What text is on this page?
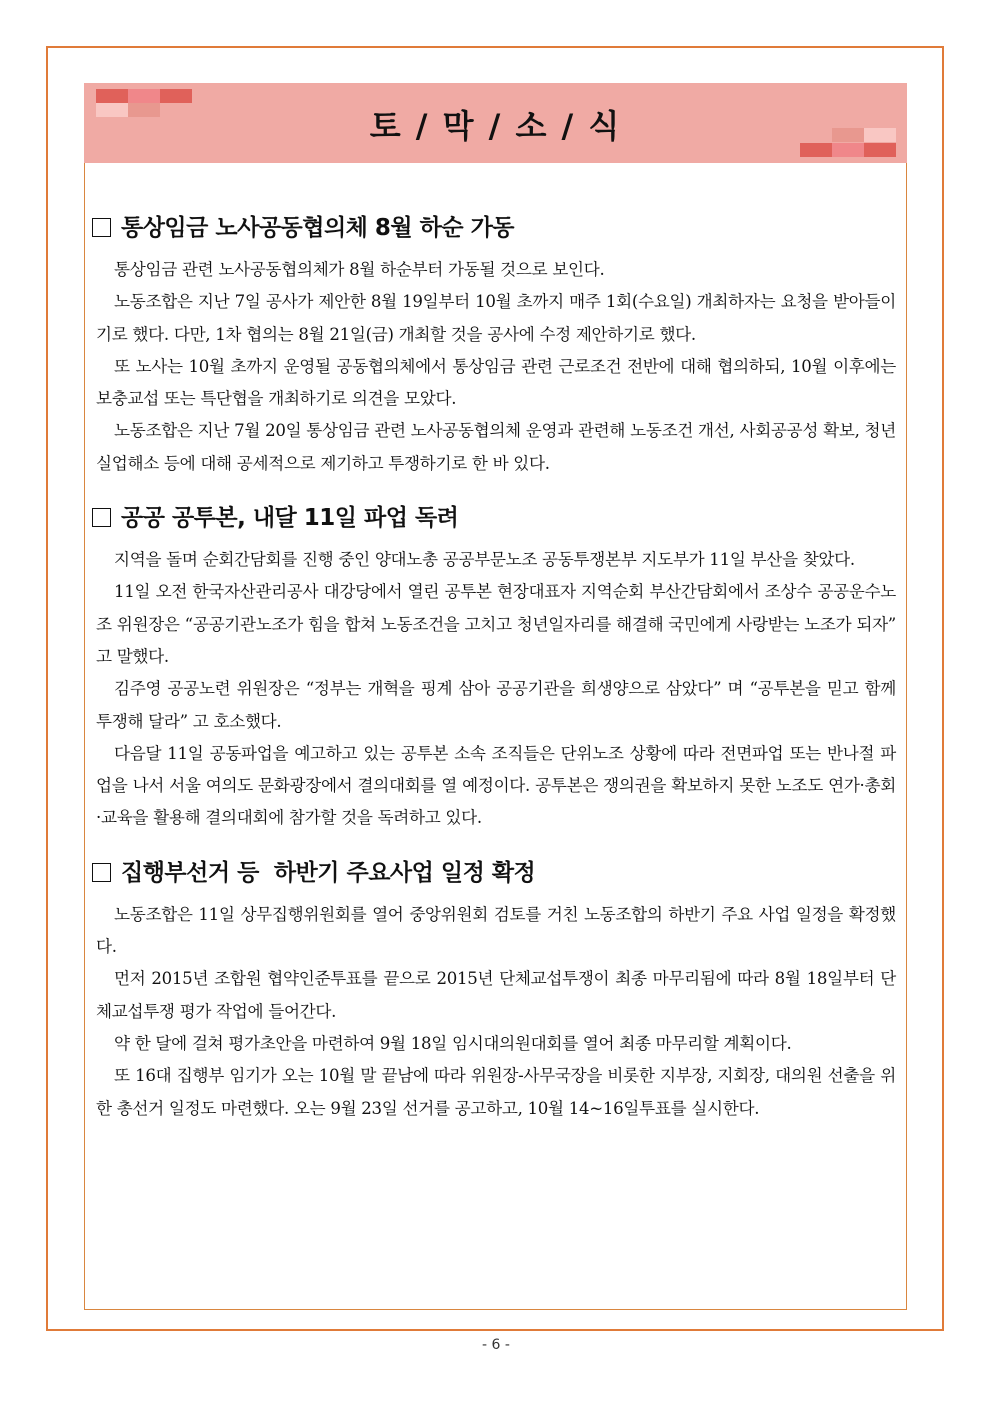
토 / 막 / 소 / 식
통상임금 노사공동협의체 8월 하순 가동

통상임금 관련 노사공동협의체가 8월 하순부터 가동될 것으로 보인다.

노동조합은 지난 7일 공사가 제안한 8월 19일부터 10월 초까지 매주 1회(수요일) 개최하자는 요청을 받아들이기로 했다. 다만, 1차 협의는 8월 21일(금) 개최할 것을 공사에 수정 제안하기로 했다.

또 노사는 10월 초까지 운영될 공동협의체에서 통상임금 관련 근로조건 전반에 대해 협의하되, 10월 이후에는 보충교섭 또는 특단협을 개최하기로 의견을 모았다.

노동조합은 지난 7월 20일 통상임금 관련 노사공동협의체 운영과 관련해 노동조건 개선, 사회공공성 확보, 청년실업해소 등에 대해 공세적으로 제기하고 투쟁하기로 한 바 있다.

공공 공투본, 내달 11일 파업 독려

지역을 돌며 순회간담회를 진행 중인 양대노총 공공부문노조 공동투쟁본부 지도부가 11일 부산을 찾았다.

11일 오전 한국자산관리공사 대강당에서 열린 공투본 현장대표자 지역순회 부산간담회에서 조상수 공공운수노조 위원장은 “공공기관노조가 힘을 합쳐 노동조건을 고치고 청년일자리를 해결해 국민에게 사랑받는 노조가 되자” 고 말했다.

김주영 공공노련 위원장은 “정부는 개혁을 핑계 삼아 공공기관을 희생양으로 삼았다” 며 “공투본을 믿고 함께 투쟁해 달라” 고 호소했다.

다음달 11일 공동파업을 예고하고 있는 공투본 소속 조직들은 단위노조 상황에 따라 전면파업 또는 반나절 파업을 나서 서울 여의도 문화광장에서 결의대회를 열 예정이다. 공투본은 쟁의권을 확보하지 못한 노조도 연가·총회·교육을 활용해 결의대회에 참가할 것을 독려하고 있다.

집행부선거 등  하반기 주요사업 일정 확정

노동조합은 11일 상무집행위원회를 열어 중앙위원회 검토를 거친 노동조합의 하반기 주요 사업 일정을 확정했다.

먼저 2015년 조합원 협약인준투표를 끝으로 2015년 단체교섭투쟁이 최종 마무리됨에 따라 8월 18일부터 단체교섭투쟁 평가 작업에 들어간다.

약 한 달에 걸쳐 평가초안을 마련하여 9월 18일 임시대의원대회를 열어 최종 마무리할 계획이다.

또 16대 집행부 임기가 오는 10월 말 끝남에 따라 위원장-사무국장을 비롯한 지부장, 지회장, 대의원 선출을 위한 총선거 일정도 마련했다. 오는 9월 23일 선거를 공고하고, 10월 14~16일투표를 실시한다.

- 6 -
